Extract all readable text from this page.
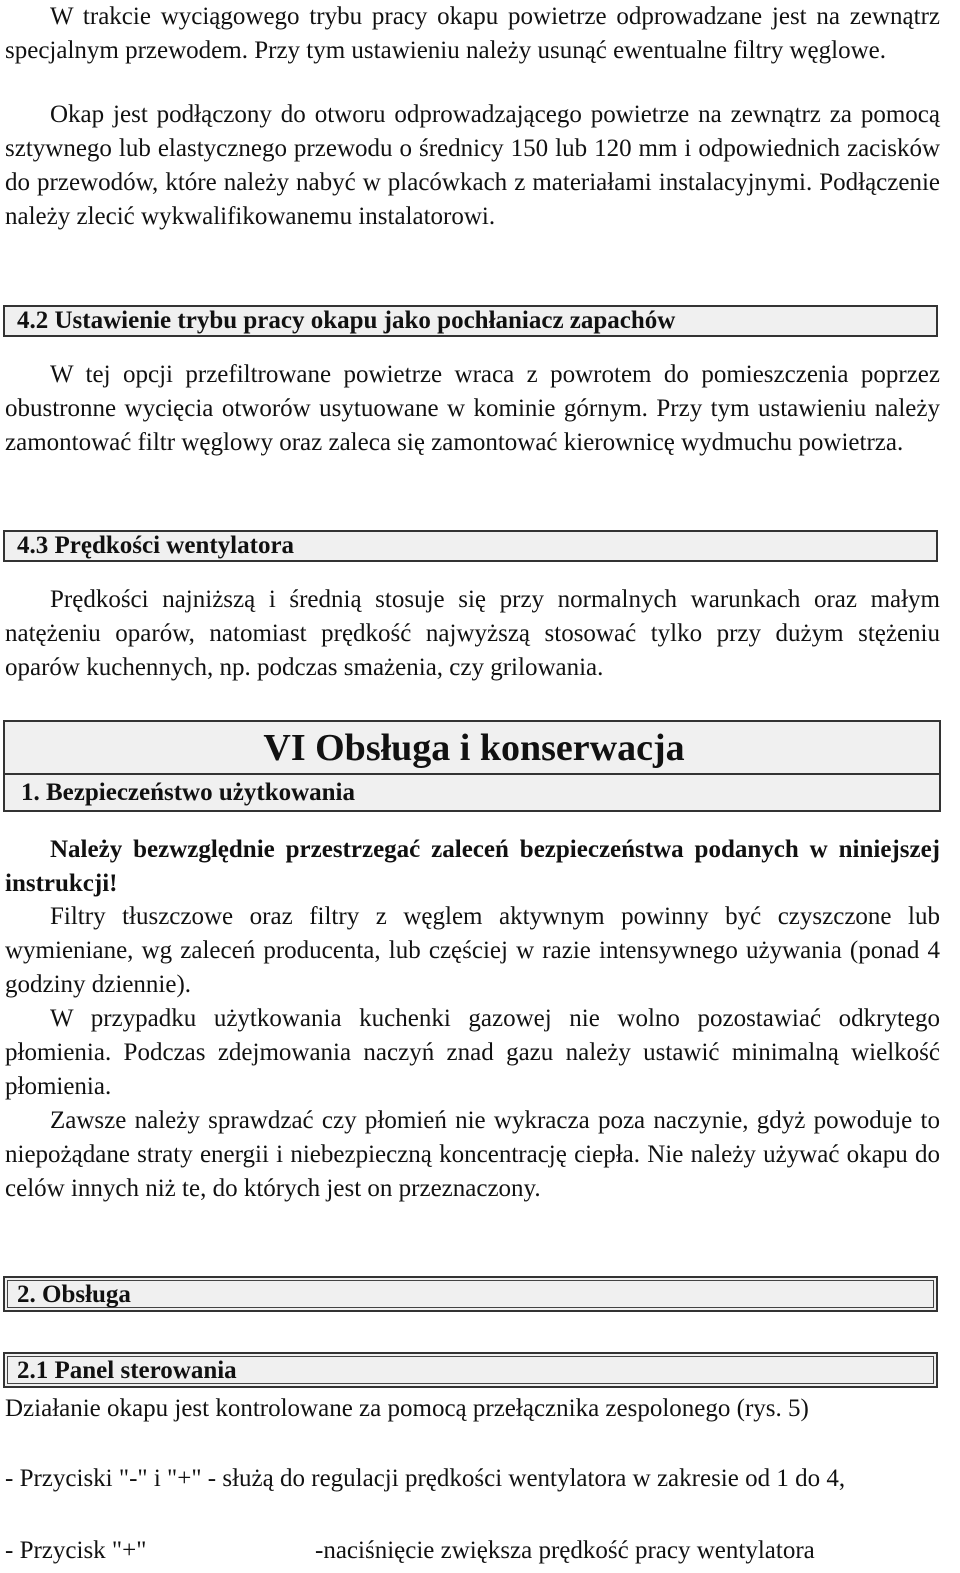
W trakcie wyciągowego trybu pracy okapu powietrze odprowadzane jest na zewnątrz specjalnym przewodem. Przy tym ustawieniu należy usunąć ewentualne filtry węglowe.

Okap jest podłączony do otworu odprowadzającego powietrze na zewnątrz za pomocą sztywnego lub elastycznego przewodu o średnicy 150 lub 120 mm i odpowiednich zacisków do przewodów, które należy nabyć w placówkach z materiałami instalacyjnymi. Podłączenie należy zlecić wykwalifikowanemu instalatorowi.

4.2 Ustawienie trybu pracy okapu jako pochłaniacz zapachów

W tej opcji przefiltrowane powietrze wraca z powrotem do pomieszczenia poprzez obustronne wycięcia otworów usytuowane w kominie górnym. Przy tym ustawieniu należy zamontować filtr węglowy oraz zaleca się zamontować kierownicę wydmuchu powietrza.

4.3 Prędkości wentylatora

Prędkości najniższą i średnią stosuje się przy normalnych warunkach oraz małym natężeniu oparów, natomiast prędkość najwyższą stosować tylko przy dużym stężeniu oparów kuchennych, np. podczas smażenia, czy grilowania.

VI Obsługa i konserwacja
1. Bezpieczeństwo użytkowania

Należy bezwzględnie przestrzegać zaleceń bezpieczeństwa podanych w niniejszej instrukcji!

Filtry tłuszczowe oraz filtry z węglem aktywnym powinny być czyszczone lub wymieniane, wg zaleceń producenta, lub częściej w razie intensywnego używania (ponad 4 godziny dziennie).

W przypadku użytkowania kuchenki gazowej nie wolno pozostawiać odkrytego płomienia. Podczas zdejmowania naczyń znad gazu należy ustawić minimalną wielkość płomienia.

Zawsze należy sprawdzać czy płomień nie wykracza poza naczynie, gdyż powoduje to niepożądane straty energii i niebezpieczną koncentrację ciepła. Nie należy używać okapu do celów innych niż te, do których jest on przeznaczony.

2. Obsługa
2.1 Panel sterowania

Działanie okapu jest kontrolowane za pomocą przełącznika zespolonego (rys. 5)

- Przyciski "-" i "+" - służą do regulacji prędkości wentylatora w zakresie od 1 do 4,

- Przycisk "+"	-naciśnięcie zwiększa prędkość pracy wentylatora
